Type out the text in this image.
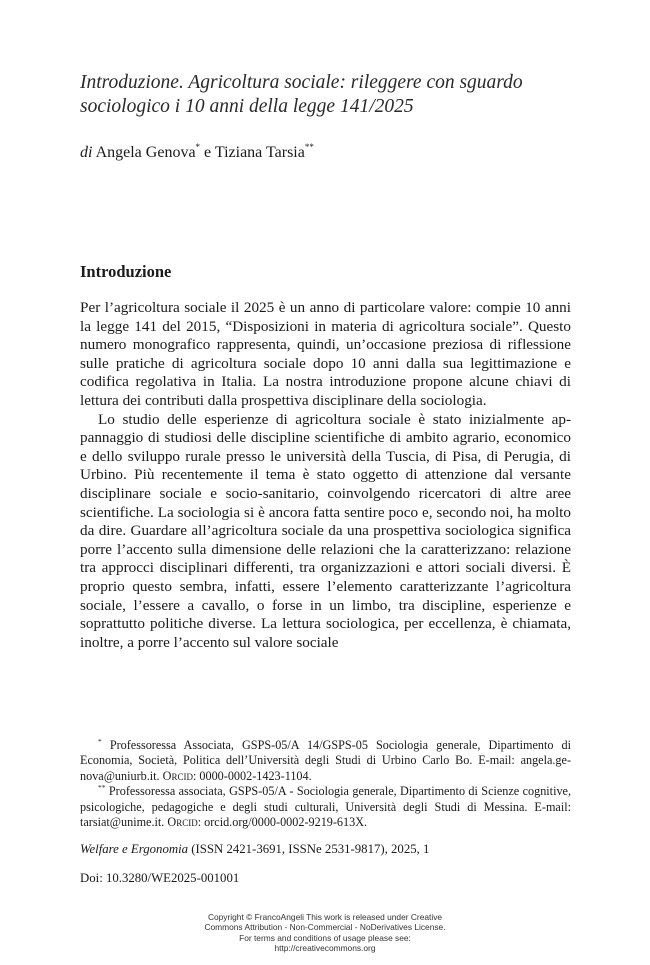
Introduzione. Agricoltura sociale: rileggere con sguardo
sociologico i 10 anni della legge 141/2025
di Angela Genova* e Tiziana Tarsia**
Introduzione

Per l’agricoltura sociale il 2025 è un anno di particolare valore: compie 10 anni la legge 141 del 2015, “Disposizioni in materia di agricoltura sociale”. Questo numero monografico rappresenta, quindi, un’occasione preziosa di riflessione sulle pratiche di agricoltura sociale dopo 10 anni dalla sua legittimazione e codifica regolativa in Italia. La nostra introduzione propone alcune chiavi di lettura dei contributi dalla prospettiva disciplinare della sociologia.

Lo studio delle esperienze di agricoltura sociale è stato inizialmente appannaggio di studiosi delle discipline scientifiche di ambito agrario, economico e dello sviluppo rurale presso le università della Tuscia, di Pisa, di Perugia, di Urbino. Più recentemente il tema è stato oggetto di attenzione dal versante disciplinare sociale e socio-sanitario, coinvolgendo ricercatori di altre aree scientifiche. La sociologia si è ancora fatta sentire poco e, secondo noi, ha molto da dire. Guardare all’agricoltura sociale da una prospettiva sociologica significa porre l’accento sulla dimensione delle relazioni che la caratterizzano: relazione tra approcci disciplinari differenti, tra organizzazioni e attori sociali diversi. È proprio questo sembra, infatti, essere l’elemento caratterizzante l’agricoltura sociale, l’essere a cavallo, o forse in un limbo, tra discipline, esperienze e soprattutto politiche diverse. La lettura sociologica, per eccellenza, è chiamata, inoltre, a porre l’accento sul valore sociale

* Professoressa Associata, GSPS-05/A 14/GSPS-05 Sociologia generale, Dipartimento di Economia, Società, Politica dell’Università degli Studi di Urbino Carlo Bo. E-mail: angela.genova@uniurb.it. Orcid: 0000-0002-1423-1104.

** Professoressa associata, GSPS-05/A - Sociologia generale, Dipartimento di Scienze cognitive, psicologiche, pedagogiche e degli studi culturali, Università degli Studi di Messina. E-mail: tarsiat@unime.it. Orcid: orcid.org/0000-0002-9219-613X.

Welfare e Ergonomia (ISSN 2421-3691, ISSNe 2531-9817), 2025, 1
Doi: 10.3280/WE2025-001001
Copyright © FrancoAngeli This work is released under Creative
Commons Attribution - Non-Commercial - NoDerivatives License.
For terms and conditions of usage please see:
http://creativecommons.org
